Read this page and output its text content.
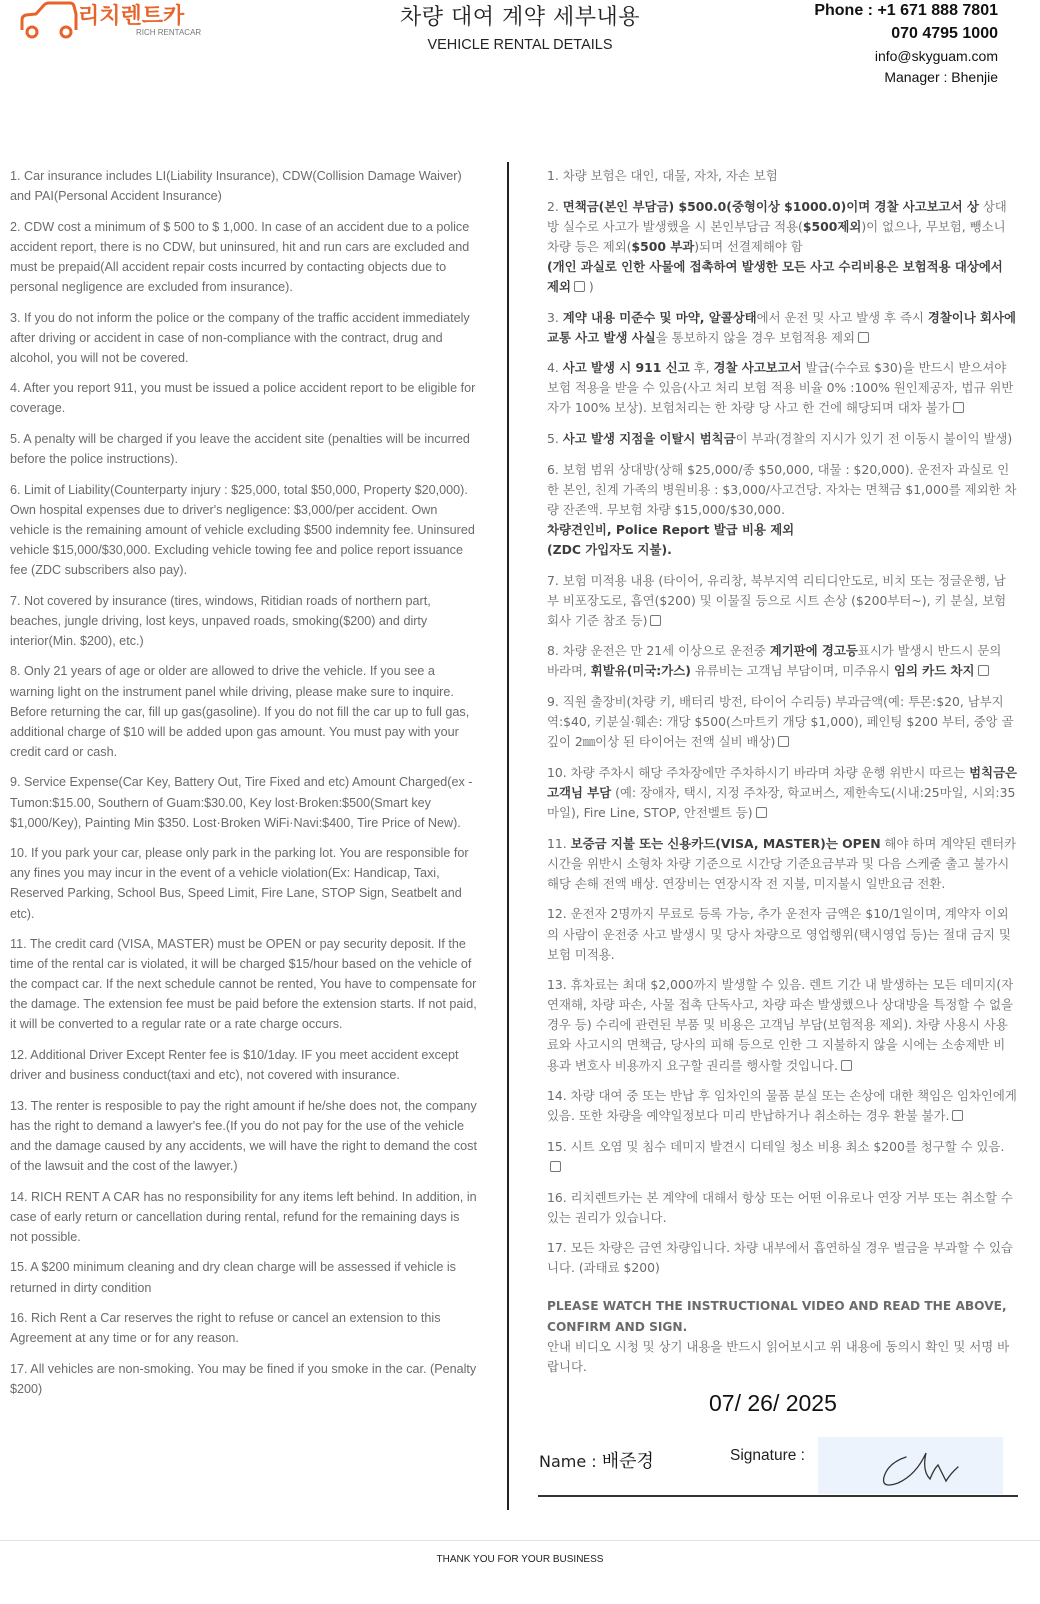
리치렌트카
RICH RENTACAR
차량 대여 계약 세부내용
VEHICLE RENTAL DETAILS
Phone : +1 671 888 7801
070 4795 1000
info@skyguam.com
Manager : Bhenjie

1. Car insurance includes LI(Liability Insurance), CDW(Collision Damage Waiver) and PAI(Personal Accident Insurance)

2. CDW cost a minimum of $ 500 to $ 1,000. In case of an accident due to a police accident report, there is no CDW, but uninsured, hit and run cars are excluded and must be prepaid(All accident repair costs incurred by contacting objects due to personal negligence are excluded from insurance).

3. If you do not inform the police or the company of the traffic accident immediately after driving or accident in case of non-compliance with the contract, drug and alcohol, you will not be covered.

4. After you report 911, you must be issued a police accident report to be eligible for coverage.

5. A penalty will be charged if you leave the accident site (penalties will be incurred before the police instructions).

6. Limit of Liability(Counterparty injury : $25,000, total $50,000, Property $20,000). Own hospital expenses due to driver's negligence: $3,000/per accident. Own vehicle is the remaining amount of vehicle excluding $500 indemnity fee. Uninsured vehicle $15,000/$30,000. Excluding vehicle towing fee and police report issuance fee (ZDC subscribers also pay).

7. Not covered by insurance (tires, windows, Ritidian roads of northern part, beaches, jungle driving, lost keys, unpaved roads, smoking($200) and dirty interior(Min. $200), etc.)

8. Only 21 years of age or older are allowed to drive the vehicle. If you see a warning light on the instrument panel while driving, please make sure to inquire. Before returning the car, fill up gas(gasoline). If you do not fill the car up to full gas, additional charge of $10 will be added upon gas amount. You must pay with your credit card or cash.

9. Service Expense(Car Key, Battery Out, Tire Fixed and etc) Amount Charged(ex - Tumon:$15.00, Southern of Guam:$30.00, Key lost·Broken:$500(Smart key $1,000/Key), Painting Min $350. Lost·Broken WiFi·Navi:$400, Tire Price of New).

10. If you park your car, please only park in the parking lot. You are responsible for any fines you may incur in the event of a vehicle violation(Ex: Handicap, Taxi, Reserved Parking, School Bus, Speed Limit, Fire Lane, STOP Sign, Seatbelt and etc).

11. The credit card (VISA, MASTER) must be OPEN or pay security deposit. If the time of the rental car is violated, it will be charged $15/hour based on the vehicle of the compact car. If the next schedule cannot be rented, You have to compensate for the damage. The extension fee must be paid before the extension starts. If not paid, it will be converted to a regular rate or a rate charge occurs.

12. Additional Driver Except Renter fee is $10/1day. IF you meet accident except driver and business conduct(taxi and etc), not covered with insurance.

13. The renter is resposible to pay the right amount if he/she does not, the company has the right to demand a lawyer's fee.(If you do not pay for the use of the vehicle and the damage caused by any accidents, we will have the right to demand the cost of the lawsuit and the cost of the lawyer.)

14. RICH RENT A CAR has no responsibility for any items left behind. In addition, in case of early return or cancellation during rental, refund for the remaining days is not possible.

15. A $200 minimum cleaning and dry clean charge will be assessed if vehicle is returned in dirty condition

16. Rich Rent a Car reserves the right to refuse or cancel an extension to this Agreement at any time or for any reason.

17. All vehicles are non-smoking. You may be fined if you smoke in the car. (Penalty $200)

1. 차량 보험은 대인, 대물, 자차, 자손 보험

2. 면책금(본인 부담금) $500.0(중형이상 $1000.0)이며 경찰 사고보고서 상 상대방 실수로 사고가 발생했을 시 본인부담금 적용($500제외)이 없으나, 무보험, 뺑소니 차량 등은 제외($500 부과)되며 선결제해야 함
(개인 과실로 인한 사물에 접촉하여 발생한 모든 사고 수리비용은 보험적용 대상에서 제외 )

3. 계약 내용 미준수 및 마약, 알콜상태에서 운전 및 사고 발생 후 즉시 경찰이나 회사에 교통 사고 발생 사실을 통보하지 않을 경우 보험적용 제외

4. 사고 발생 시 911 신고 후, 경찰 사고보고서 발급(수수료 $30)을 반드시 받으셔야 보험 적용을 받을 수 있음(사고 처리 보험 적용 비율 0% :100% 원인제공자, 법규 위반자가 100% 보상). 보험처리는 한 차량 당 사고 한 건에 해당되며 대차 불가

5. 사고 발생 지점을 이탈시 범칙금이 부과(경찰의 지시가 있기 전 이동시 불이익 발생)

6. 보험 범위 상대방(상해 $25,000/종 $50,000, 대물 : $20,000). 운전자 과실로 인한 본인, 친계 가족의 병원비용 : $3,000/사고건당. 자차는 면책금 $1,000를 제외한 차량 잔존액. 무보험 차량 $15,000/$30,000.
차량견인비, Police Report 발급 비용 제외
(ZDC 가입자도 지불).

7. 보험 미적용 내용 (타이어, 유리창, 북부지역 리티디안도로, 비치 또는 정글운행, 남부 비포장도로, 흡연($200) 및 이물질 등으로 시트 손상 ($200부터~), 키 분실, 보험회사 기준 참조 등)

8. 차량 운전은 만 21세 이상으로 운전중 계기판에 경고등표시가 발생시 반드시 문의 바라며, 휘발유(미국:가스) 유류비는 고객님 부담이며, 미주유시 임의 카드 차지

9. 직원 출장비(차량 키, 배터리 방전, 타이어 수리등) 부과금액(예: 투몬:$20, 남부지역:$40, 키분실·훼손: 개당 $500(스마트키 개당 $1,000), 페인팅 $200 부터, 중앙 골 깊이 2㎜이상 된 타이어는 전액 실비 배상)

10. 차량 주차시 해당 주차장에만 주차하시기 바라며 차량 운행 위반시 따르는 범칙금은 고객님 부담 (예: 장애자, 택시, 지정 주차장, 학교버스, 제한속도(시내:25마일, 시외:35마일), Fire Line, STOP, 안전벨트 등)

11. 보증금 지불 또는 신용카드(VISA, MASTER)는 OPEN 해야 하며 계약된 렌터카 시간을 위반시 소형차 차량 기준으로 시간당 기준요금부과 및 다음 스케줄 출고 불가시 해당 손해 전액 배상. 연장비는 연장시작 전 지불, 미지불시 일반요금 전환.

12. 운전자 2명까지 무료로 등록 가능, 추가 운전자 금액은 $10/1일이며, 계약자 이외의 사람이 운전중 사고 발생시 및 당사 차량으로 영업행위(택시영업 등)는 절대 금지 및 보험 미적용.

13. 휴차료는 최대 $2,000까지 발생할 수 있음. 렌트 기간 내 발생하는 모든 데미지(자연재해, 차량 파손, 사물 접촉 단독사고, 차량 파손 발생했으나 상대방을 특정할 수 없을 경우 등) 수리에 관련된 부품 및 비용은 고객님 부담(보험적용 제외). 차량 사용시 사용료와 사고시의 면책금, 당사의 피해 등으로 인한 그 지불하지 않을 시에는 소송제반 비용과 변호사 비용까지 요구할 권리를 행사할 것입니다.

14. 차량 대여 중 또는 반납 후 임차인의 물품 분실 또는 손상에 대한 책임은 임차인에게 있음. 또한 차량을 예약일정보다 미리 반납하거나 취소하는 경우 환불 불가.

15. 시트 오염 및 침수 데미지 발견시 디테일 청소 비용 최소 $200를 청구할 수 있음.

16. 리치렌트카는 본 계약에 대해서 항상 또는 어떤 이유로나 연장 거부 또는 취소할 수 있는 권리가 있습니다.

17. 모든 차량은 금연 차량입니다. 차량 내부에서 흡연하실 경우 벌금을 부과할 수 있습니다. (과태료 $200)

PLEASE WATCH THE INSTRUCTIONAL VIDEO AND READ THE ABOVE, CONFIRM AND SIGN.
안내 비디오 시청 및 상기 내용을 반드시 읽어보시고 위 내용에 동의시 확인 및 서명 바랍니다.
07/ 26/ 2025
Name : 배준경	Signature :
THANK YOU FOR YOUR BUSINESS
